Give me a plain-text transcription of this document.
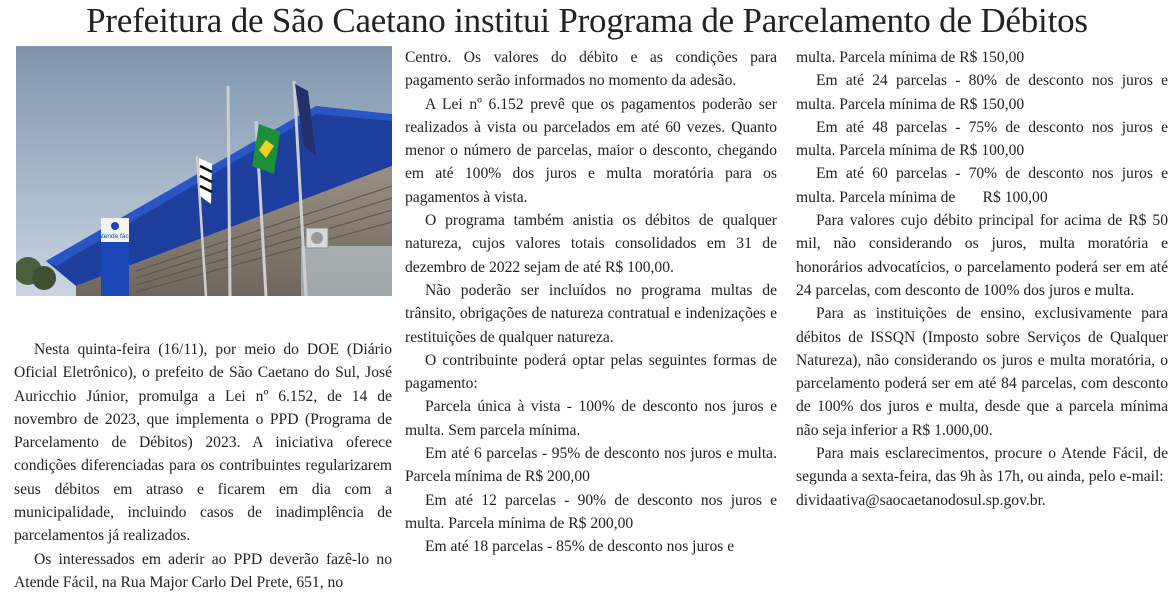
Prefeitura de São Caetano institui Programa de Parcelamento de Débitos
atende fácil

Nesta quinta-feira (16/11), por meio do DOE (Diário Oficial Eletrônico), o prefeito de São Caetano do Sul, José Auricchio Júnior, promulga a Lei nº 6.152, de 14 de novembro de 2023, que implementa o PPD (Programa de Parcelamento de Débitos) 2023. A iniciativa oferece condições diferenciadas para os contribuintes regularizarem seus débitos em atraso e ficarem em dia com a municipalidade, incluindo casos de inadimplência de parcelamentos já realizados.

Os interessados em aderir ao PPD deverão fazê-lo no Atende Fácil, na Rua Major Carlo Del Prete, 651, no

Centro. Os valores do débito e as condições para pagamento serão informados no momento da adesão.

A Lei nº 6.152 prevê que os pagamentos poderão ser realizados à vista ou parcelados em até 60 vezes. Quanto menor o número de parcelas, maior o desconto, chegando em até 100% dos juros e multa moratória para os pagamentos à vista.

O programa também anistia os débitos de qualquer natureza, cujos valores totais consolidados em 31 de dezembro de 2022 sejam de até R$ 100,00.

Não poderão ser incluídos no programa multas de trânsito, obrigações de natureza contratual e indenizações e restituições de qualquer natureza.

O contribuinte poderá optar pelas seguintes formas de pagamento:

Parcela única à vista - 100% de desconto nos juros e multa. Sem parcela mínima.

Em até 6 parcelas - 95% de desconto nos juros e multa. Parcela mínima de R$ 200,00

Em até 12 parcelas - 90% de desconto nos juros e multa. Parcela mínima de R$ 200,00

Em até 18 parcelas - 85% de desconto nos juros e

multa. Parcela mínima de R$ 150,00

Em até 24 parcelas - 80% de desconto nos juros e multa. Parcela mínima de R$ 150,00

Em até 48 parcelas - 75% de desconto nos juros e multa. Parcela mínima de R$ 100,00

Em até 60 parcelas - 70% de desconto nos juros e multa. Parcela mínima de       R$ 100,00

Para valores cujo débito principal for acima de R$ 50 mil, não considerando os juros, multa moratória e honorários advocatícios, o parcelamento poderá ser em até 24 parcelas, com desconto de 100% dos juros e multa.

Para as instituições de ensino, exclusivamente para débitos de ISSQN (Imposto sobre Serviços de Qualquer Natureza), não considerando os juros e multa moratória, o parcelamento poderá ser em até 84 parcelas, com desconto de 100% dos juros e multa, desde que a parcela mínima não seja inferior a R$ 1.000,00.

Para mais esclarecimentos, procure o Atende Fácil, de segunda a sexta-feira, das 9h às 17h, ou ainda, pelo e-mail:

dividaativa@saocaetanodosul.sp.gov.br.
